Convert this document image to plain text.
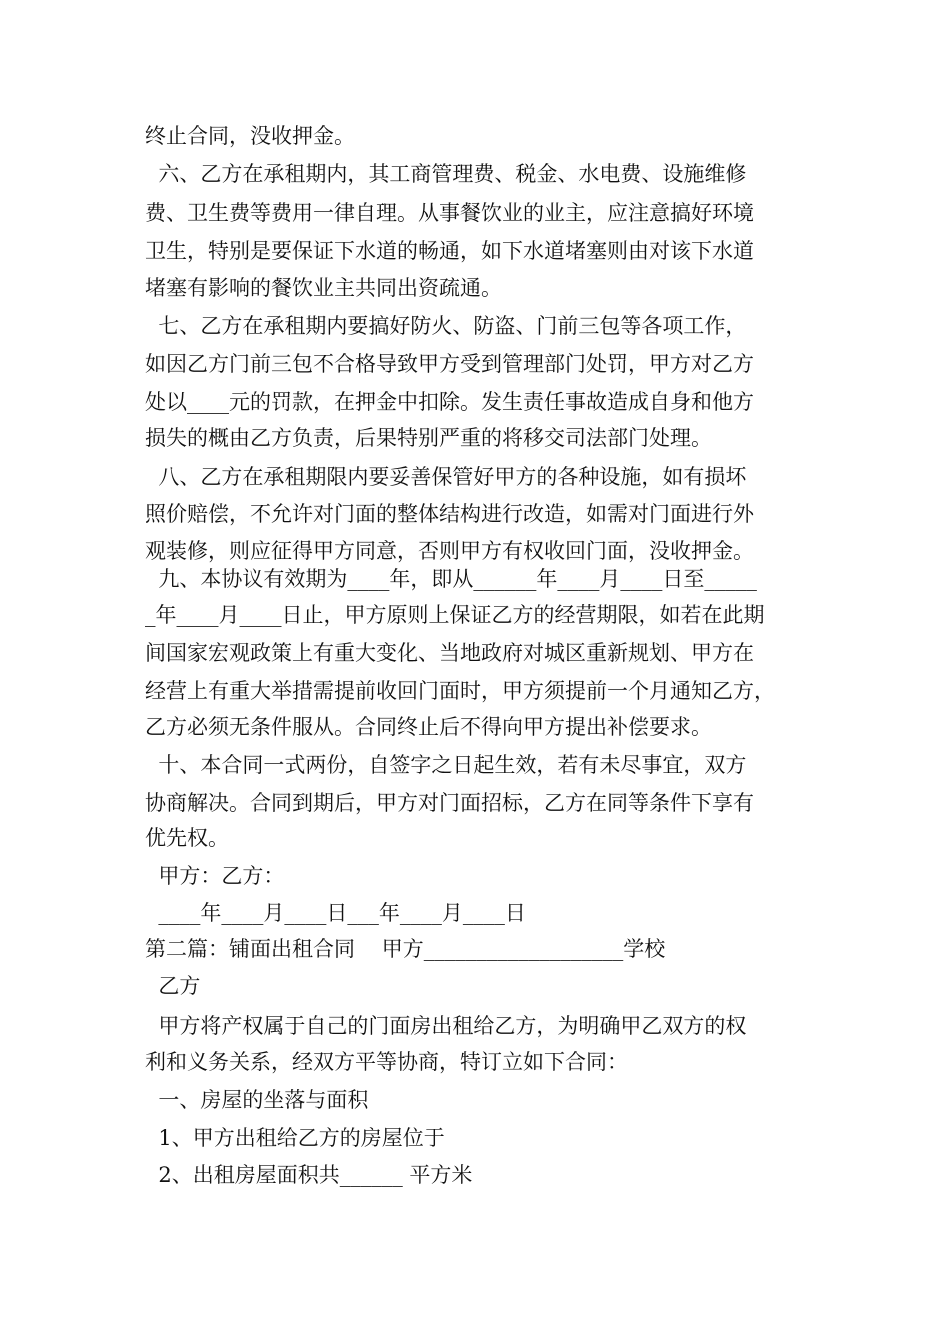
终止合同，没收押金。

六、乙方在承租期内，其工商管理费、税金、水电费、设施维修

费、卫生费等费用一律自理。从事餐饮业的业主，应注意搞好环境

卫生，特别是要保证下水道的畅通，如下水道堵塞则由对该下水道

堵塞有影响的餐饮业主共同出资疏通。

七、乙方在承租期内要搞好防火、防盗、门前三包等各项工作，

如因乙方门前三包不合格导致甲方受到管理部门处罚，甲方对乙方

处以____元的罚款，在押金中扣除。发生责任事故造成自身和他方

损失的概由乙方负责，后果特别严重的将移交司法部门处理。

八、乙方在承租期限内要妥善保管好甲方的各种设施，如有损坏

照价赔偿，不允许对门面的整体结构进行改造，如需对门面进行外

观装修，则应征得甲方同意，否则甲方有权收回门面，没收押金。

九、本协议有效期为____年，即从______年____月____日至_____

_年____月____日止，甲方原则上保证乙方的经营期限，如若在此期

间国家宏观政策上有重大变化、当地政府对城区重新规划、甲方在

经营上有重大举措需提前收回门面时，甲方须提前一个月通知乙方，

乙方必须无条件服从。合同终止后不得向甲方提出补偿要求。

十、本合同一式两份，自签字之日起生效，若有未尽事宜，双方

协商解决。合同到期后，甲方对门面招标，乙方在同等条件下享有

优先权。

甲方：乙方：

____年____月____日___年____月____日

第二篇：铺面出租合同    甲方___________________学校

乙方

甲方将产权属于自己的门面房出租给乙方，为明确甲乙双方的权

利和义务关系，经双方平等协商，特订立如下合同：

一、房屋的坐落与面积

1、甲方出租给乙方的房屋位于

2、出租房屋面积共______ 平方米
